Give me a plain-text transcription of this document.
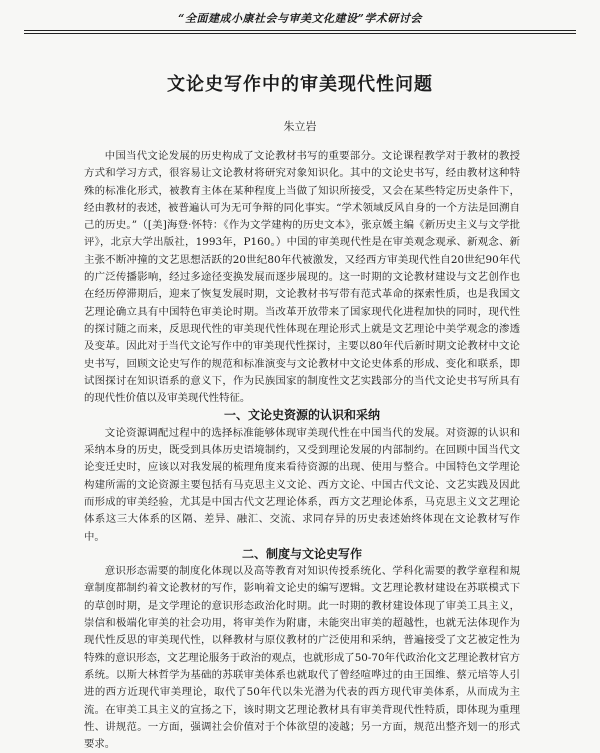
“全面建成小康社会与审美文化建设”学术研讨会
文论史写作中的审美现代性问题
朱立岩

中国当代文论发展的历史构成了文论教材书写的重要部分。文论课程教学对于教材的教授方式和学习方式，很容易让文论教材将研究对象知识化。其中的文论史书写，经由教材这种特殊的标准化形式，被教育主体在某种程度上当做了知识所接受，又会在某些特定历史条件下，经由教材的表述，被普遍认可为无可争辩的同化事实。“学术领域反风自身的一个方法是回溯自己的历史。”（[美]海登·怀特：《作为文学建构的历史文本》，张京媛主编《新历史主义与文学批评》，北京大学出版社，1993年，P160。）中国的审美现代性是在审美观念观承、新观念、新主张不断冲撞的文艺思想活跃的20世纪80年代被激发，又经西方审美现代性自20世纪90年代的广泛传播影响，经过多途径变换发展而逐步展现的。这一时期的文论教材建设与文艺创作也在经历停滞期后，迎来了恢复发展时期，文论教材书写带有范式革命的探索性质，也是我国文艺理论确立具有中国特色审美论时期。当改革开放带来了国家现代化进程加快的同时，现代性的探讨随之而来，反思现代性的审美现代性体现在理论形式上就是文艺理论中美学观念的渗透及变革。因此对于当代文论写作中的审美现代性探讨，主要以80年代后新时期文论教材中文论史书写，回顾文论史写作的规范和标准演变与文论教材中文论史体系的形成、变化和联系，即试图探讨在知识语系的意义下，作为民族国家的制度性文艺实践部分的当代文论史书写所具有的现代性价值以及审美现代性特征。

一、文论史资源的认识和采纳

文论资源调配过程中的选择标准能够体现审美现代性在中国当代的发展。对资源的认识和采纳本身的历史，既受到具体历史语境制约，又受到理论发展的内部制约。在回顾中国当代文论变迁史时，应该以对我发展的梳理角度来看待资源的出现、使用与整合。中国特色文学理论构建所需的文论资源主要包括有马克思主义文论、西方文论、中国古代文论、文艺实践及因此而形成的审美经验，尤其是中国古代文艺理论体系，西方文艺理论体系，马克思主义文艺理论体系这三大体系的区隔、差异、融汇、交流、求同存异的历史表述始终体现在文论教材写作中。

二、制度与文论史写作

意识形态需要的制度化体现以及高等教育对知识传授系统化、学科化需要的教学章程和規章制度都制约着文论教材的写作，影响着文论史的编写逻辑。文艺理论教材建设在苏联模式下的草创时期，是文学理论的意识形态政治化时期。此一时期的教材建设体现了审美工具主义，崇信和极端化审美的社会功用，将审美作为附庸，未能突出审美的超越性，也就无法体现作为现代性反思的审美现代性，以释教材与原仪教材的广泛使用和采纳，普遍接受了文艺被定性为特殊的意识形态，文艺理论服务于政治的观点，也就形成了50-70年代政治化文艺理论教材官方系统。以斯大林哲学为基础的苏联审美体系也就取代了曾经喧哗过的由王国维、蔡元培等人引进的西方近现代审美理论，取代了50年代以朱光潜为代表的西方现代审美体系，从而成为主流。在审美工具主义的宣扬之下，该时期文艺理论教材具有审美背现代性特质，即体现为重理性、讲规范。一方面，强调社会价值对于个体欲望的凌越；另一方面，规范出整齐划一的形式要求。
